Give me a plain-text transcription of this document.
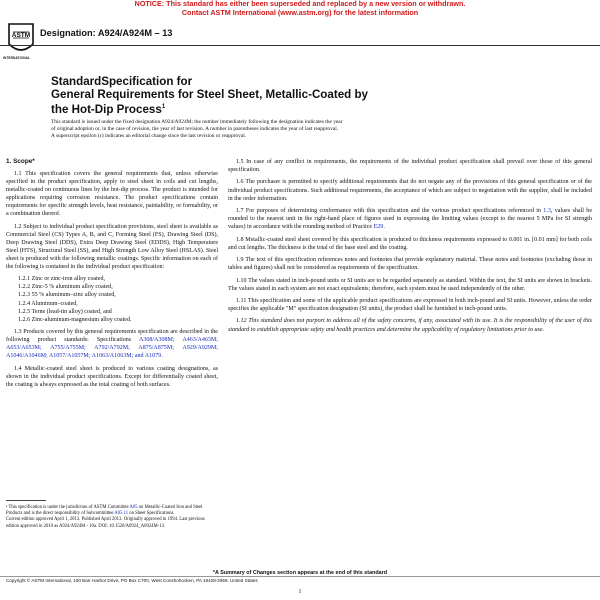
NOTICE: This standard has either been superseded and replaced by a new version or withdrawn.
Contact ASTM International (www.astm.org) for the latest information
ASTM
INTERNATIONAL
Designation: A924/A924M – 13
StandardSpecification for
General Requirements for Steel Sheet, Metallic-Coated by
the Hot-Dip Process$^1$
This standard is issued under the fixed designation A924/A924M; the number immediately following the designation indicates the year
of original adoption or, in the case of revision, the year of last revision. A number in parentheses indicates the year of last reapproval.
A superscript epsilon (ε) indicates an editorial change since the last revision or reapproval.
1. Scope*

1.1 This specification covers the general requirements that, unless otherwise specified in the product specification, apply to steel sheet in coils and cut lengths, metallic-coated on continuous lines by the hot-dip process. The product is intended for applications requiring corrosion resistance. The product specifications contain requirements for specific strength levels, heat resistance, paintability, or formability, or a combination thereof.

1.2 Subject to individual product specification provisions, steel sheet is available as Commercial Steel (CS) Types A, B, and C, Forming Steel (FS), Drawing Steel (DS), Deep Drawing Steel (DDS), Extra Deep Drawing Steel (EDDS), High Temperature Steel (HTS), Structural Steel (SS), and High Strength Low Alloy Steel (HSLAS). Steel sheet is produced with the following metallic coatings. Specific information on each of the following is contained in the individual product specification:

1.2.1 Zinc or zinc-iron alloy coated,
1.2.2 Zinc-5 % aluminum alloy coated,
1.2.3 55 % aluminum–zinc alloy coated,
1.2.4 Aluminum–coated,
1.2.5 Terne (lead-tin alloy) coated, and
1.2.6 Zinc-aluminum-magnesium alloy coated.

1.3 Products covered by this general requirements specification are described in the following product standards: Specifications A308/A308M; A463/A463M; A653/A653M; A755/A755M; A792/A792M; A875/A875M; A929/A929M; A1046/A1046M; A1057/A1057M; A1063/A1063M; and A1079.

1.4 Metallic-coated steel sheet is produced to various coating designations, as shown in the individual product specifications. Except for differentially coated sheet, the coating is always expressed as the total coating of both surfaces.

1.5 In case of any conflict in requirements, the requirements of the individual product specification shall prevail over those of this general specification.

1.6 The purchaser is permitted to specify additional requirements that do not negate any of the provisions of this general specification or of the individual product specifications. Such additional requirements, the acceptance of which are subject to negotiation with the supplier, shall be included in the order information.

1.7 For purposes of determining conformance with this specification and the various product specifications referenced in 1.3, values shall be rounded to the nearest unit in the right-hand place of figures used in expressing the limiting values (except to the nearest 5 MPa for SI strength values) in accordance with the rounding method of Practice E29.

1.8 Metallic-coated steel sheet covered by this specification is produced to thickness requirements expressed to 0.001 in. [0.01 mm] for both coils and cut lengths. The thickness is the total of the base steel and the coating.

1.9 The text of this specification references notes and footnotes that provide explanatory material. These notes and footnotes (excluding those in tables and figures) shall not be considered as requirements of the specification.

1.10 The values stated in inch-pound units or SI units are to be regarded separately as standard. Within the text, the SI units are shown in brackets. The values stated in each system are not exact equivalents; therefore, each system must be used independently of the other.

1.11 This specification and some of the applicable product specifications are expressed in both inch-pound and SI units. However, unless the order specifies the applicable "M" specification designation (SI units), the product shall be furnished to inch-pound units.

1.12 This standard does not purport to address all of the safety concerns, if any, associated with its use. It is the responsibility of the user of this standard to establish appropriate safety and health practices and determine the applicability of regulatory limitations prior to use.

¹ This specification is under the jurisdiction of ASTM Committee A05 on Metallic-Coated Iron and Steel Products and is the direct responsibility of Subcommittee A05.11 on Sheet Specifications.
Current edition approved April 1, 2013. Published April 2013. Originally approved in 1994. Last previous edition approved in 2010 as A924/A924M - 10a. DOI: 10.1520/A0924_A0924M-13.
*A Summary of Changes section appears at the end of this standard
Copyright © ASTM International, 100 Barr Harbor Drive, PO Box C700, West Conshohocken, PA 19428-2959. United States
1
